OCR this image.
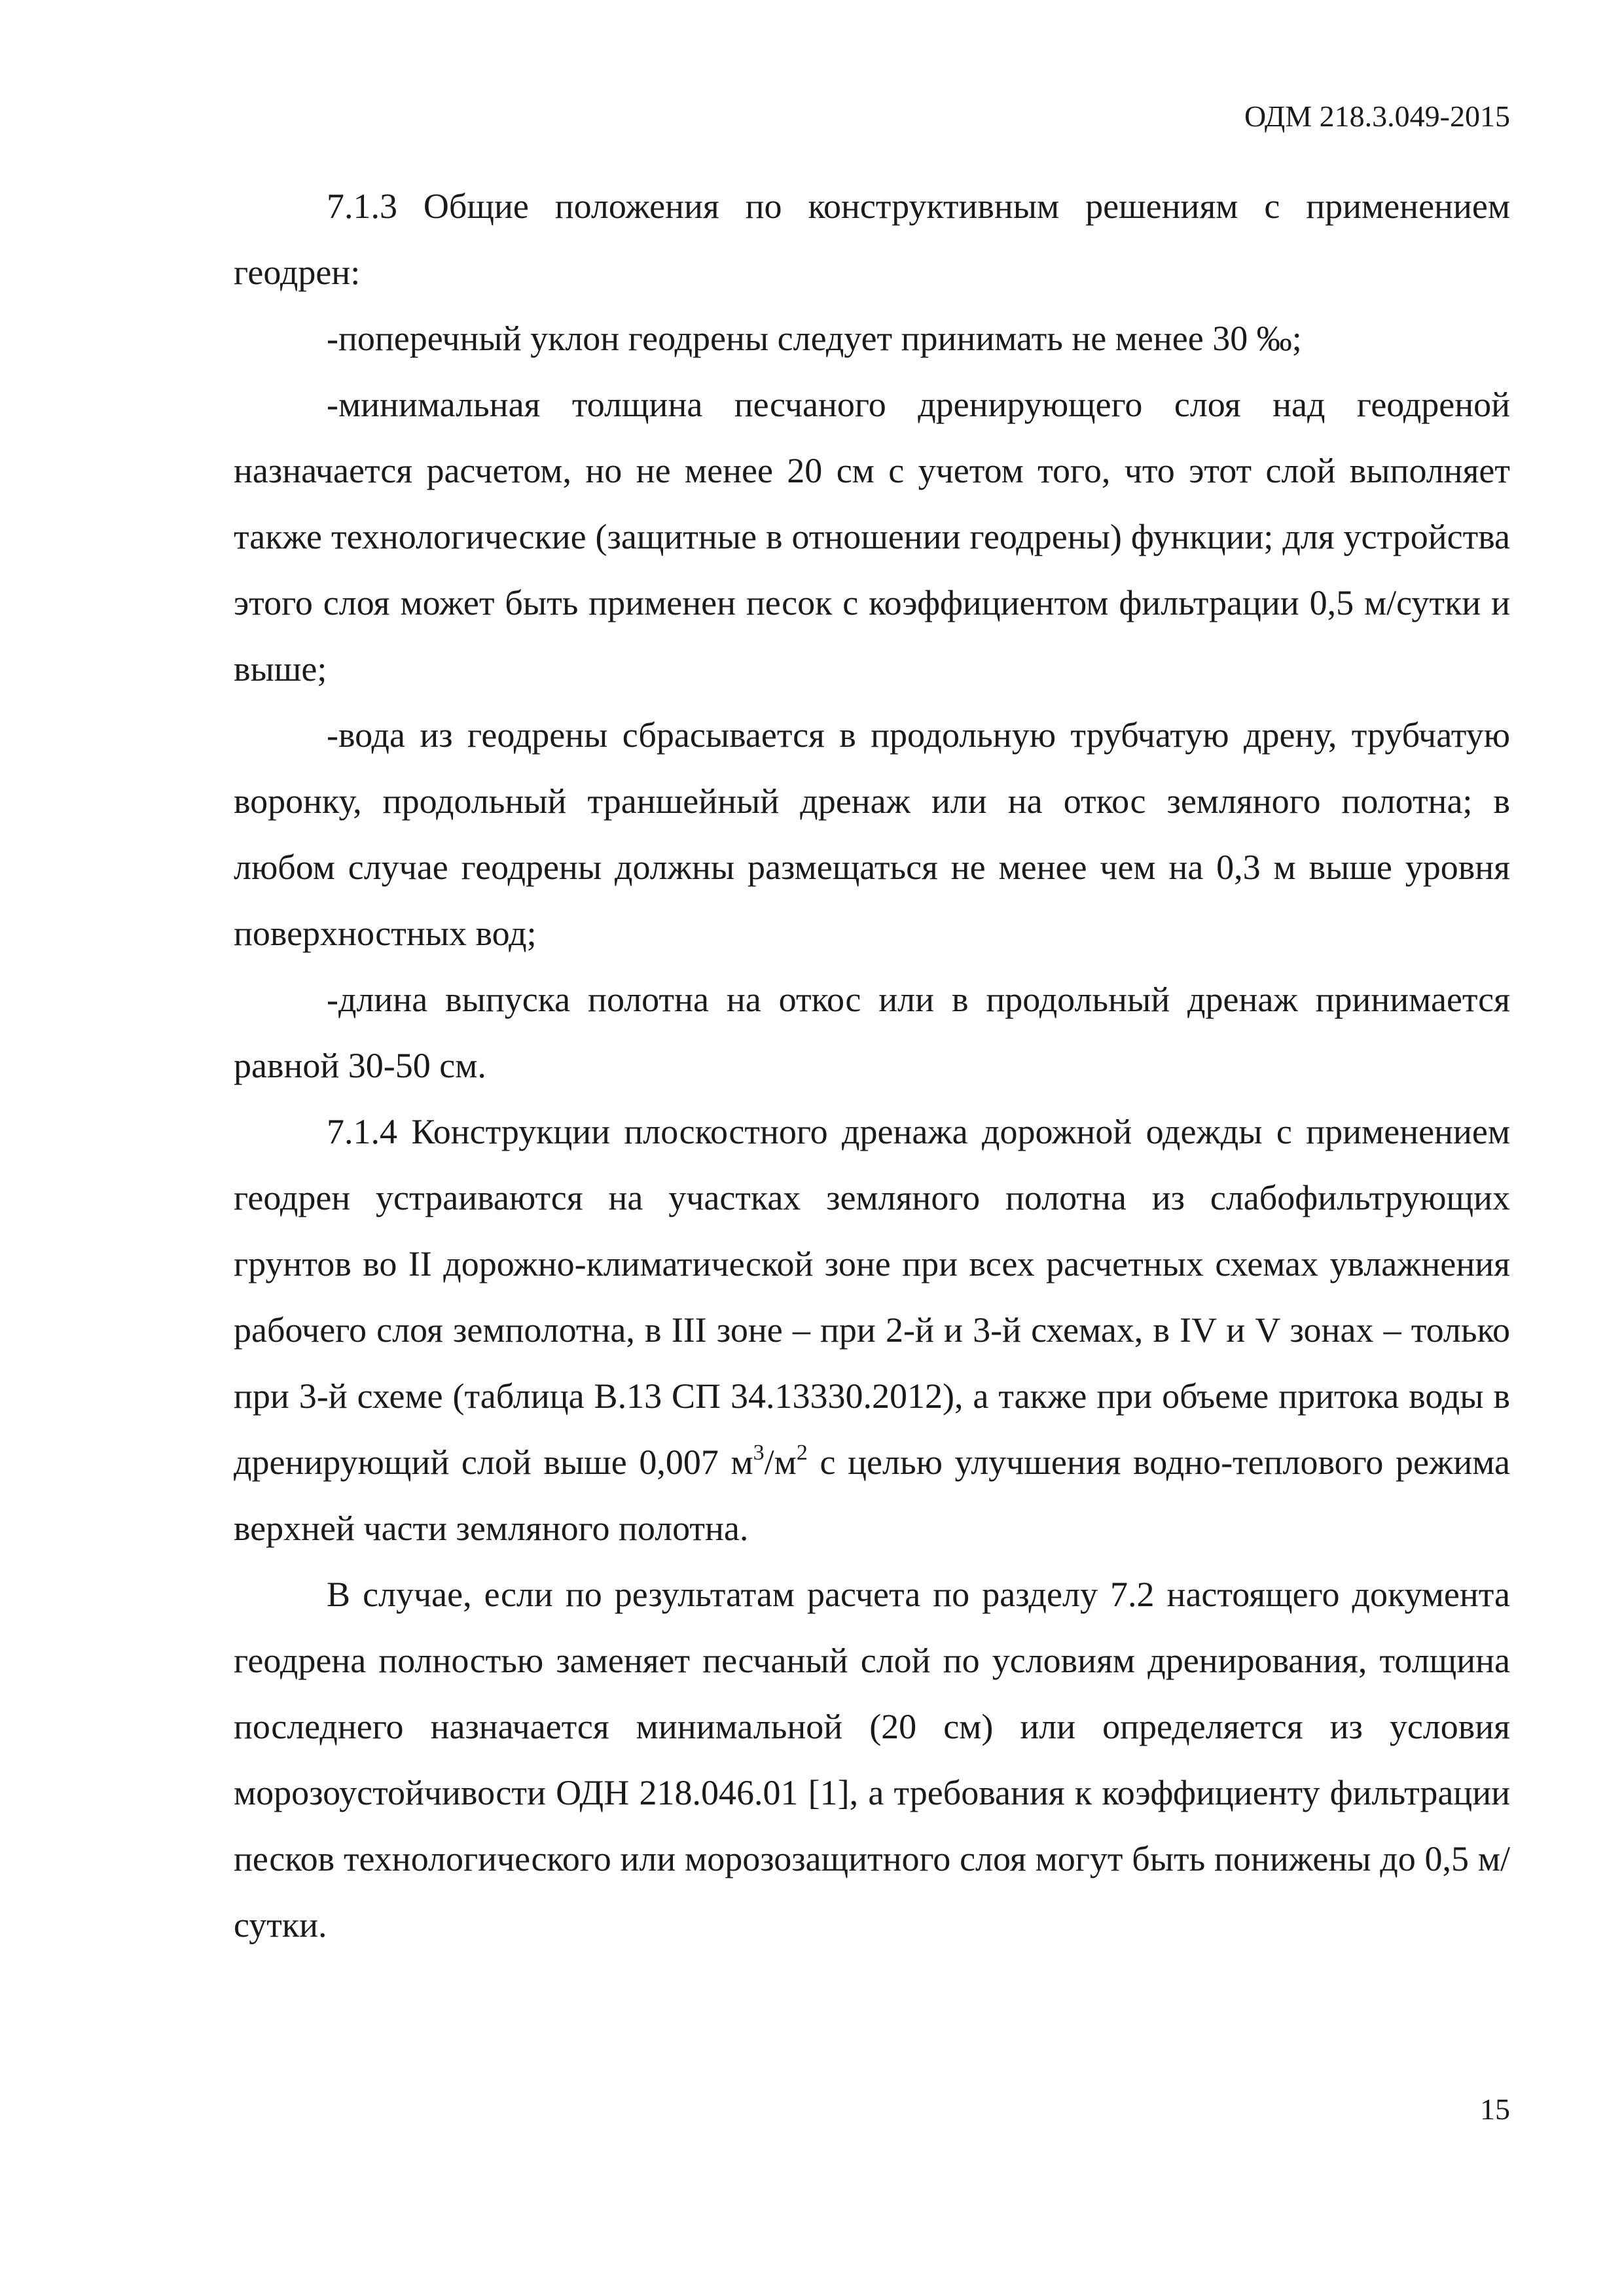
ОДМ 218.3.049-2015

7.1.3 Общие положения по конструктивным решениям с применением геодрен:

-поперечный уклон геодрены следует принимать не менее 30 ‰;

-минимальная толщина песчаного дренирующего слоя над геодреной назначается расчетом, но не менее 20 см с учетом того, что этот слой выполняет также технологические (защитные в отношении геодрены) функции; для устройства этого слоя может быть применен песок с коэффициентом фильтрации 0,5 м/сутки и выше;

-вода из геодрены сбрасывается в продольную трубчатую дрену, трубчатую воронку, продольный траншейный дренаж или на откос земляного полотна; в любом случае геодрены должны размещаться не менее чем на 0,3 м выше уровня поверхностных вод;

-длина выпуска полотна на откос или в продольный дренаж принимается равной 30-50 см.

7.1.4 Конструкции плоскостного дренажа дорожной одежды с применением геодрен устраиваются на участках земляного полотна из слабофильтрующих грунтов во II дорожно-климатической зоне при всех расчетных схемах увлажнения рабочего слоя земполотна, в III зоне – при 2-й и 3-й схемах, в IV и V зонах – только при 3-й схеме (таблица В.13 СП 34.13330.2012), а также при объеме притока воды в дренирующий слой выше 0,007 $м^3/м^2$ с целью улучшения водно-теплового режима верхней части земляного полотна.

В случае, если по результатам расчета по разделу 7.2 настоящего документа геодрена полностью заменяет песчаный слой по условиям дренирования, толщина последнего назначается минимальной (20 см) или определяется из условия морозоустойчивости ОДН 218.046.01 [1], а требования к коэффициенту фильтрации песков технологического или морозозащитного слоя могут быть понижены до 0,5 м/сутки.

15
